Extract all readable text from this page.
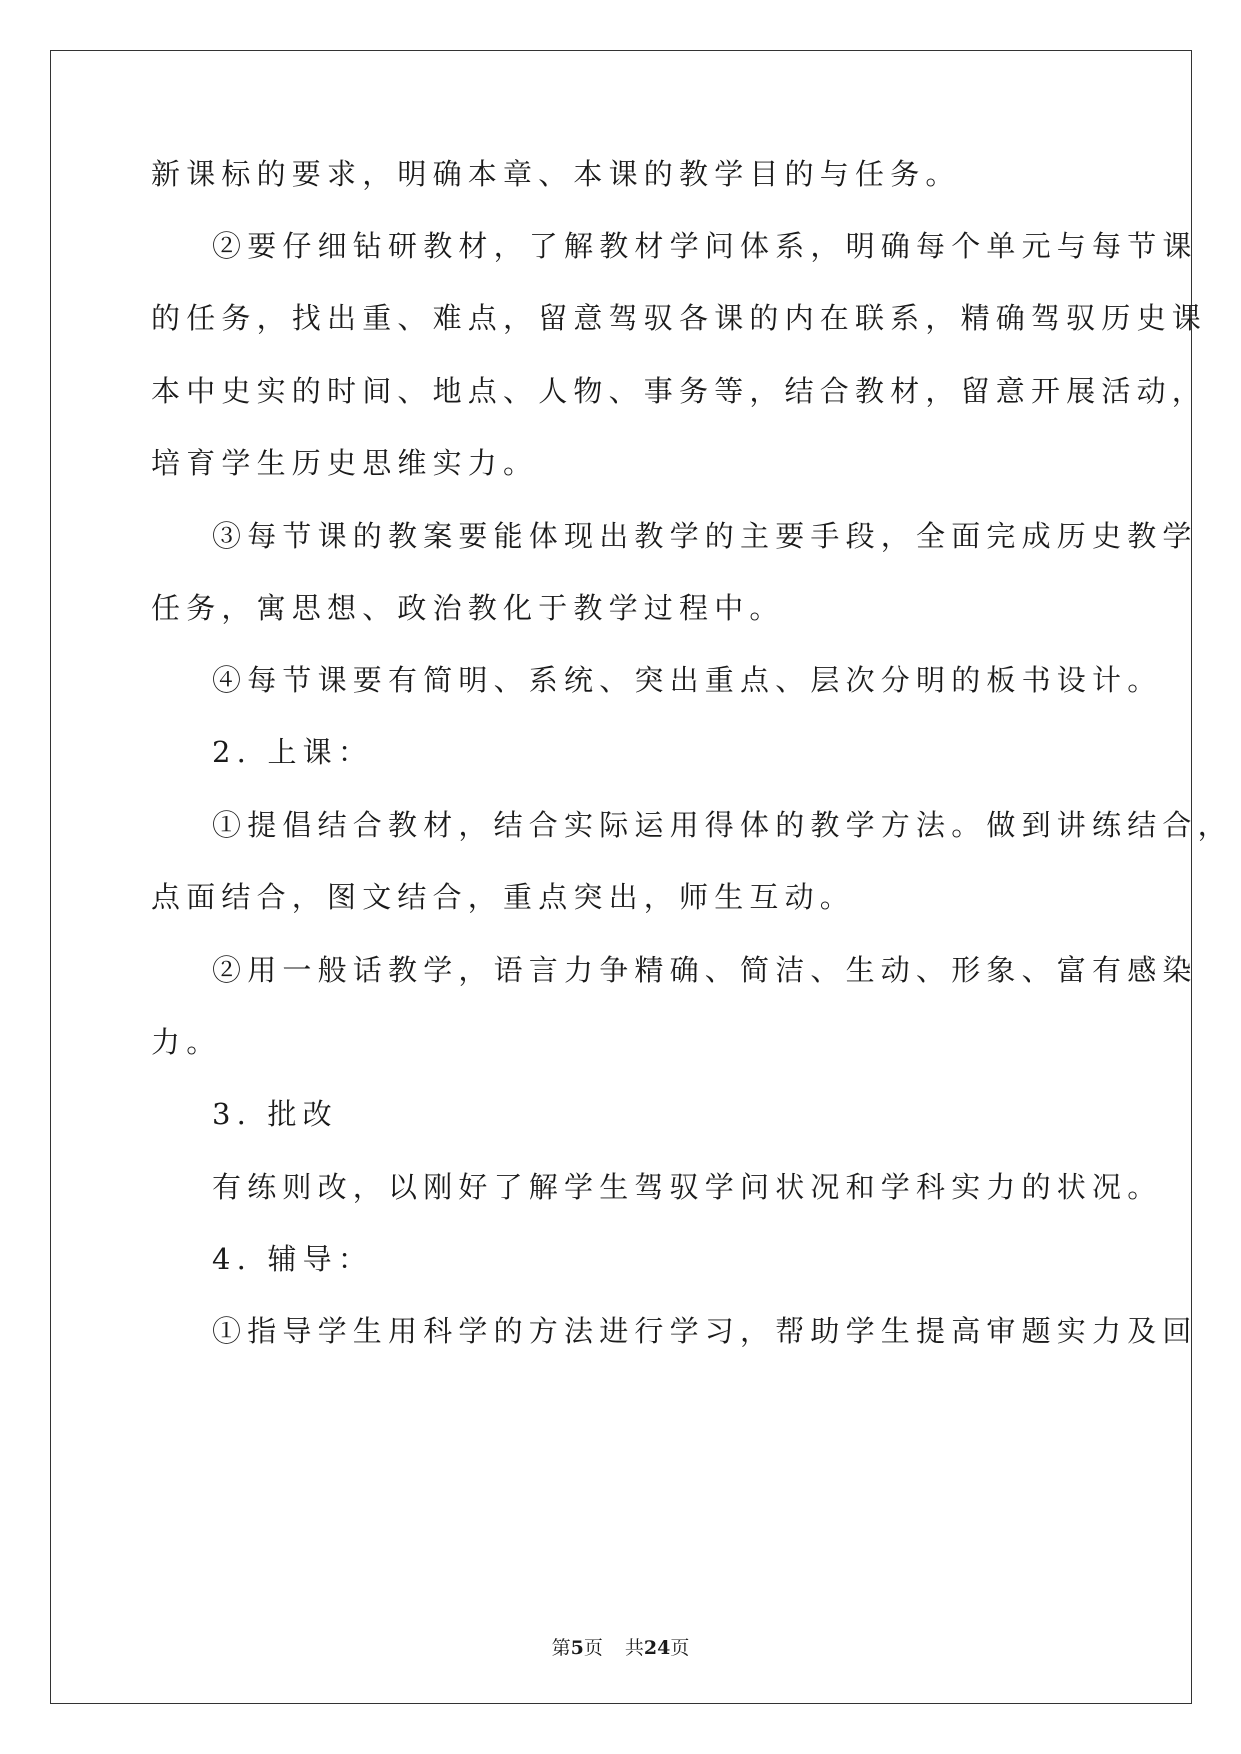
新课标的要求，明确本章、本课的教学目的与任务。
②要仔细钻研教材，了解教材学问体系，明确每个单元与每节课
的任务，找出重、难点，留意驾驭各课的内在联系，精确驾驭历史课
本中史实的时间、地点、人物、事务等，结合教材，留意开展活动，
培育学生历史思维实力。
③每节课的教案要能体现出教学的主要手段，全面完成历史教学
任务，寓思想、政治教化于教学过程中。
④每节课要有简明、系统、突出重点、层次分明的板书设计。
2. 上课：
①提倡结合教材，结合实际运用得体的教学方法。做到讲练结合，
点面结合，图文结合，重点突出，师生互动。
②用一般话教学，语言力争精确、简洁、生动、形象、富有感染
力。
3. 批改
有练则改，以刚好了解学生驾驭学问状况和学科实力的状况。
4. 辅导：
①指导学生用科学的方法进行学习，帮助学生提高审题实力及回
第5页 共24页
